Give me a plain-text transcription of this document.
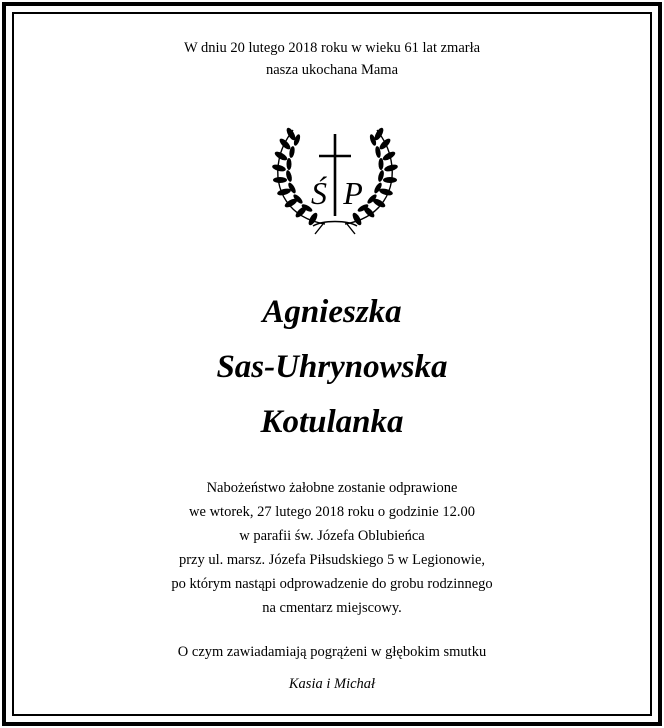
W dniu 20 lutego 2018 roku w wieku 61 lat zmarła
nasza ukochana Mama
Ś P
Agnieszka
Sas-Uhrynowska
Kotulanka
Nabożeństwo żałobne zostanie odprawione
we wtorek, 27 lutego 2018 roku o godzinie 12.00
w parafii św. Józefa Oblubieńca
przy ul. marsz. Józefa Piłsudskiego 5 w Legionowie,
po którym nastąpi odprowadzenie do grobu rodzinnego
na cmentarz miejscowy.
O czym zawiadamiają pogrążeni w głębokim smutku
Kasia i Michał
